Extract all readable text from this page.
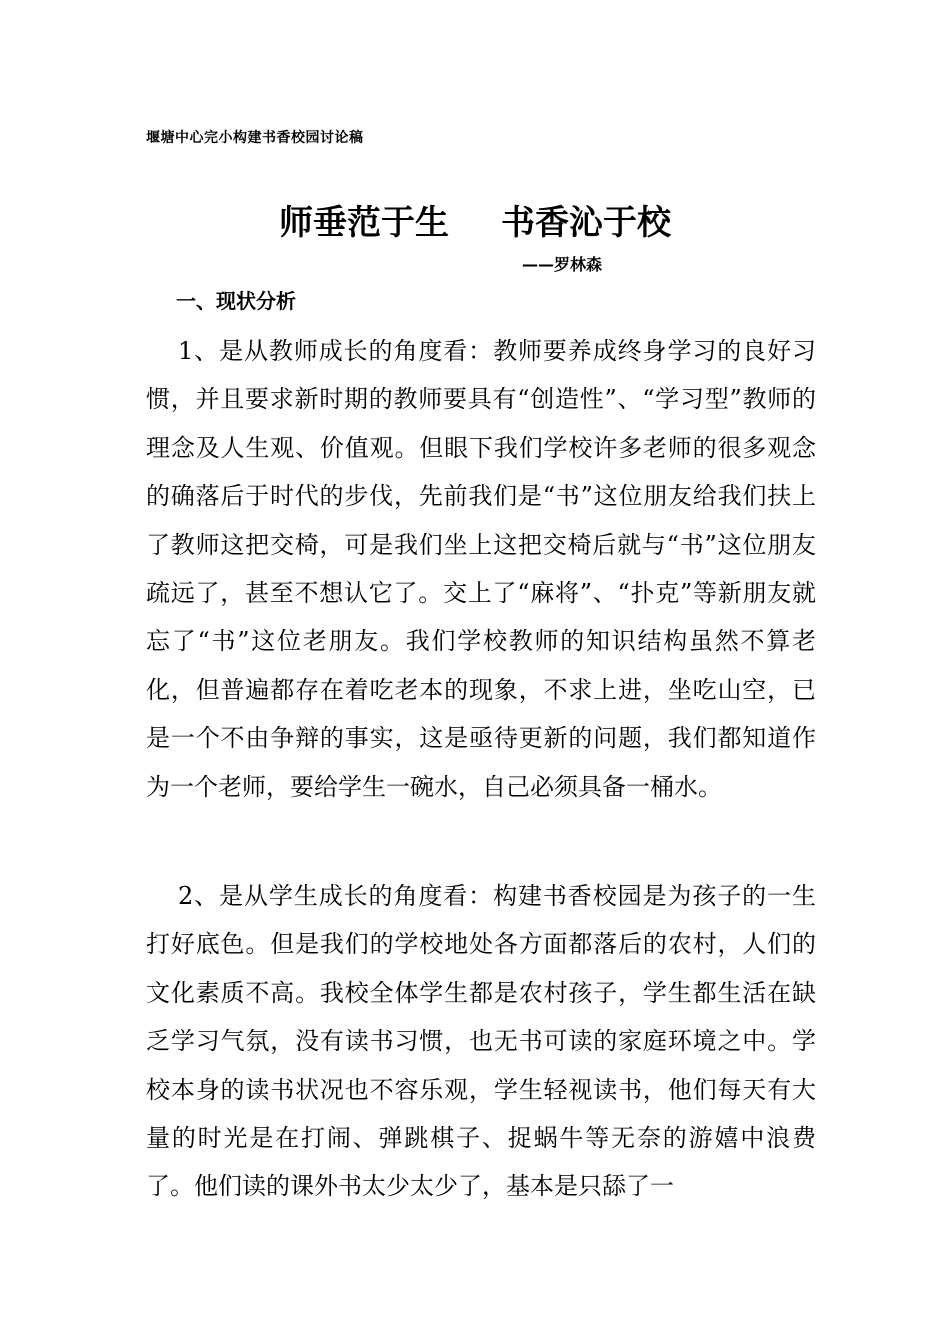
堰塘中心完小构建书香校园讨论稿
师垂范于生 书香沁于校
——罗林森
一、现状分析

1、是从教师成长的角度看：教师要养成终身学习的良好习惯，并且要求新时期的教师要具有“创造性”、“学习型”教师的理念及人生观、价值观。但眼下我们学校许多老师的很多观念的确落后于时代的步伐，先前我们是“书”这位朋友给我们扶上了教师这把交椅，可是我们坐上这把交椅后就与“书”这位朋友疏远了，甚至不想认它了。交上了“麻将”、“扑克”等新朋友就忘了“书”这位老朋友。我们学校教师的知识结构虽然不算老化，但普遍都存在着吃老本的现象，不求上进，坐吃山空，已是一个不由争辩的事实，这是亟待更新的问题，我们都知道作为一个老师，要给学生一碗水，自己必须具备一桶水。

2、是从学生成长的角度看：构建书香校园是为孩子的一生打好底色。但是我们的学校地处各方面都落后的农村，人们的文化素质不高。我校全体学生都是农村孩子，学生都生活在缺乏学习气氛，没有读书习惯，也无书可读的家庭环境之中。学校本身的读书状况也不容乐观，学生轻视读书，他们每天有大量的时光是在打闹、弹跳棋子、捉蜗牛等无奈的游嬉中浪费了。他们读的课外书太少太少了，基本是只舔了一
